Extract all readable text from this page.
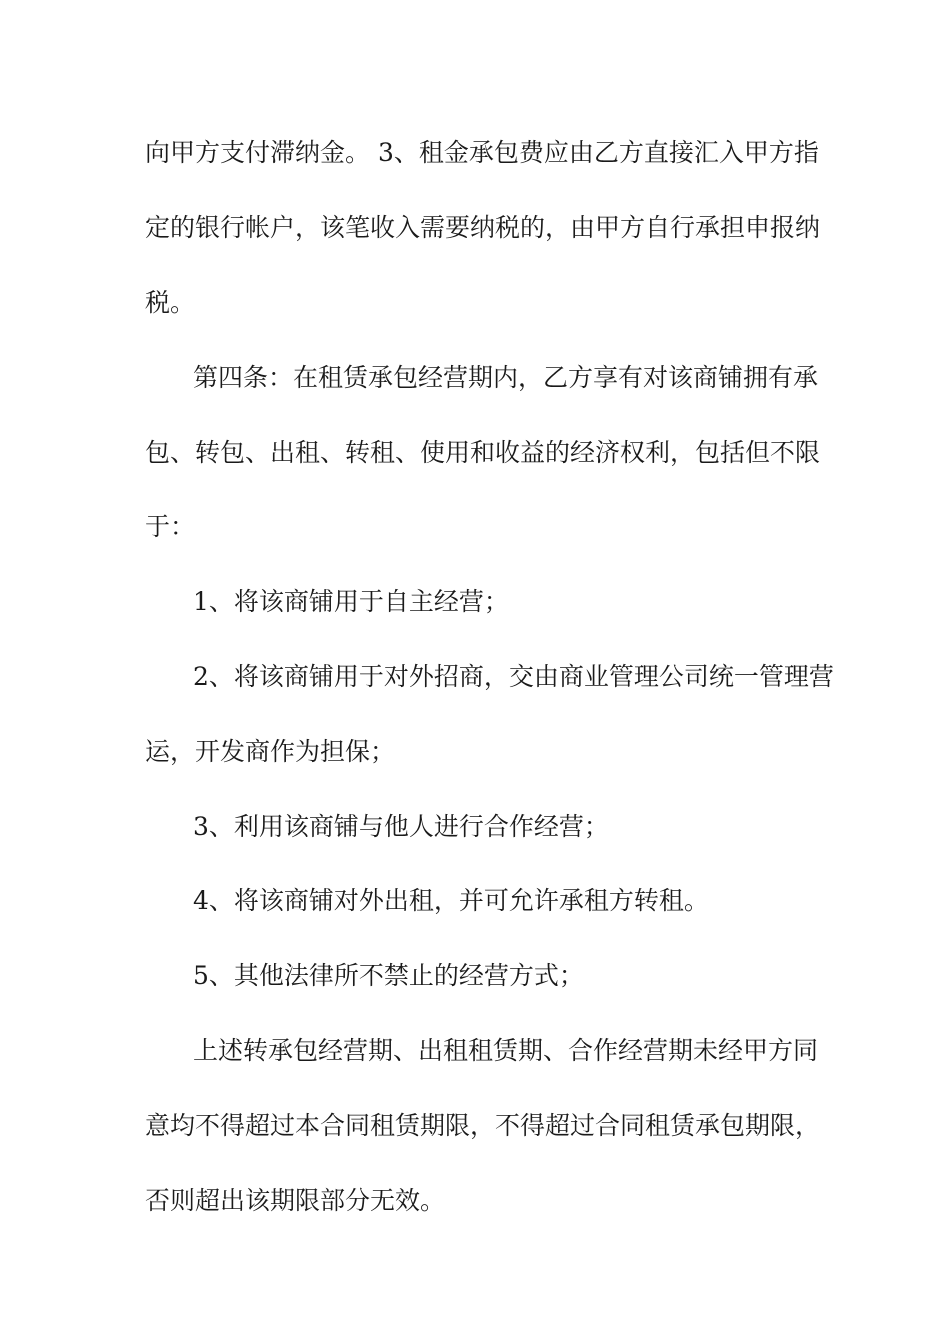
向甲方支付滞纳金。 3、租金承包费应由乙方直接汇入甲方指
定的银行帐户，该笔收入需要纳税的，由甲方自行承担申报纳
税。
第四条：在租赁承包经营期内，乙方享有对该商铺拥有承
包、转包、出租、转租、使用和收益的经济权利，包括但不限
于：
1、将该商铺用于自主经营；
2、将该商铺用于对外招商，交由商业管理公司统一管理营
运，开发商作为担保；
3、利用该商铺与他人进行合作经营；
4、将该商铺对外出租，并可允许承租方转租。
5、其他法律所不禁止的经营方式；
上述转承包经营期、出租租赁期、合作经营期未经甲方同
意均不得超过本合同租赁期限，不得超过合同租赁承包期限，
否则超出该期限部分无效。
